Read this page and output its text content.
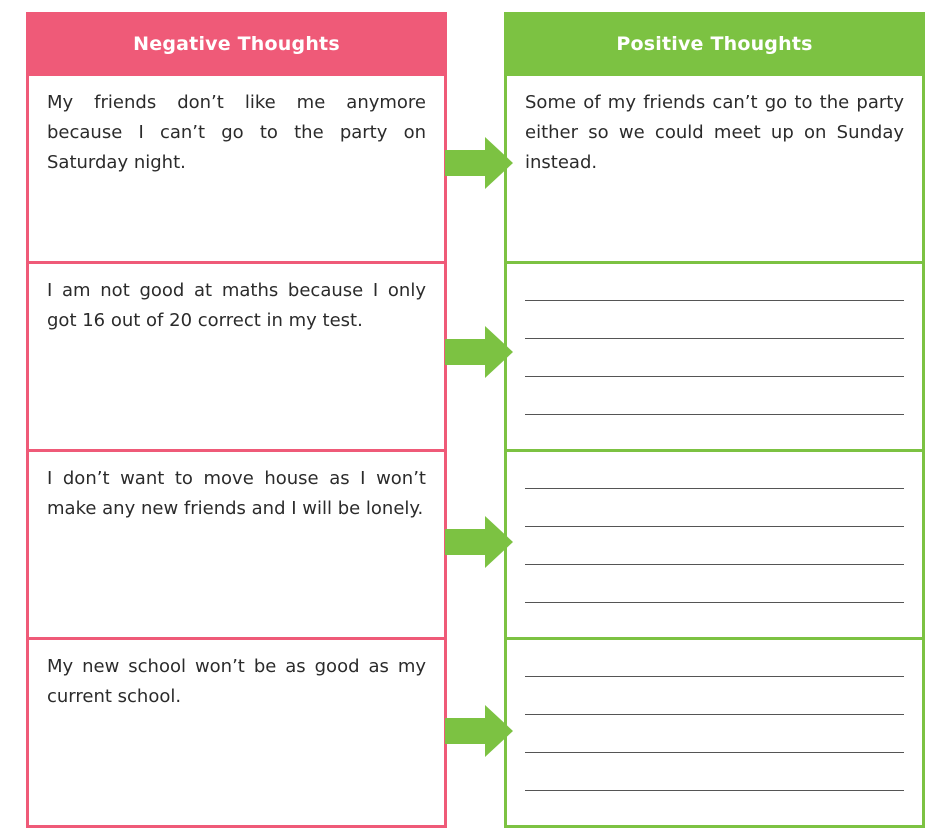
Negative Thoughts

My friends don’t like me anymore because I can’t go to the party on Saturday night.

I am not good at maths because I only got 16 out of 20 correct in my test.

I don’t want to move house as I won’t make any new friends and I will be lonely.

My new school won’t be as good as my current school.

Positive Thoughts

Some of my friends can’t go to the party either so we could meet up on Sunday instead.
